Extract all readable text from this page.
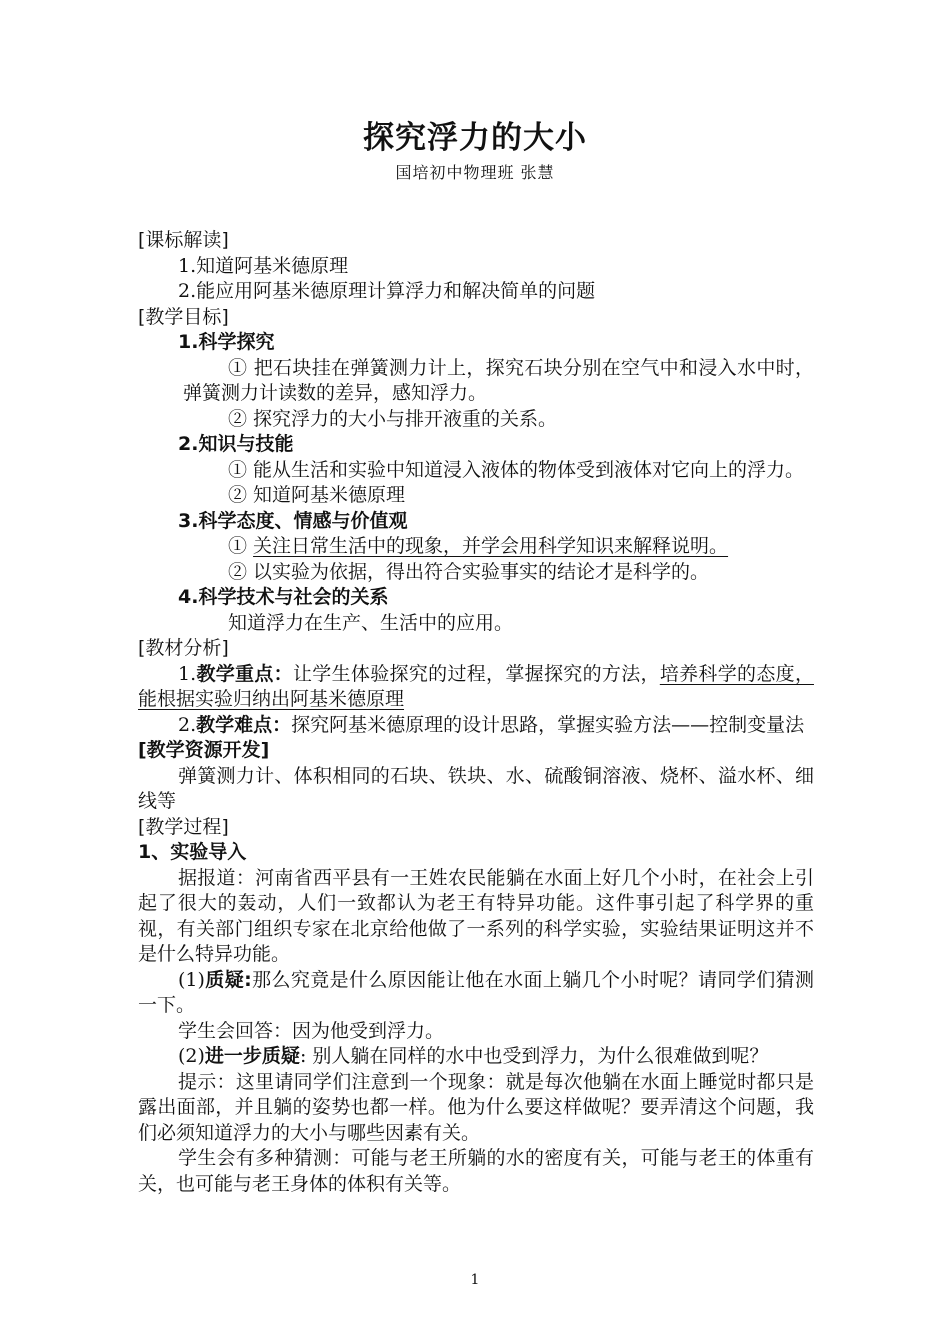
探究浮力的大小
国培初中物理班 张慧

[课标解读]

1.知道阿基米德原理

2.能应用阿基米德原理计算浮力和解决简单的问题

[教学目标]

1.科学探究

① 把石块挂在弹簧测力计上，探究石块分别在空气中和浸入水中时，弹簧测力计读数的差异，感知浮力。

② 探究浮力的大小与排开液重的关系。

2.知识与技能

① 能从生活和实验中知道浸入液体的物体受到液体对它向上的浮力。

② 知道阿基米德原理

3.科学态度、情感与价值观

① 关注日常生活中的现象，并学会用科学知识来解释说明。

② 以实验为依据，得出符合实验事实的结论才是科学的。

4.科学技术与社会的关系

知道浮力在生产、生活中的应用。

[教材分析]

1.教学重点：让学生体验探究的过程，掌握探究的方法，培养科学的态度，能根据实验归纳出阿基米德原理

2.教学难点：探究阿基米德原理的设计思路，掌握实验方法——控制变量法

[教学资源开发]

弹簧测力计、体积相同的石块、铁块、水、硫酸铜溶液、烧杯、溢水杯、细线等

[教学过程]

1、实验导入

据报道：河南省西平县有一王姓农民能躺在水面上好几个小时，在社会上引起了很大的轰动，人们一致都认为老王有特异功能。这件事引起了科学界的重视，有关部门组织专家在北京给他做了一系列的科学实验，实验结果证明这并不是什么特异功能。

(1)质疑:那么究竟是什么原因能让他在水面上躺几个小时呢？请同学们猜测一下。

学生会回答：因为他受到浮力。

(2)进一步质疑: 别人躺在同样的水中也受到浮力，为什么很难做到呢？

提示：这里请同学们注意到一个现象：就是每次他躺在水面上睡觉时都只是露出面部，并且躺的姿势也都一样。他为什么要这样做呢？要弄清这个问题，我们必须知道浮力的大小与哪些因素有关。

学生会有多种猜测：可能与老王所躺的水的密度有关，可能与老王的体重有关，也可能与老王身体的体积有关等。

1
